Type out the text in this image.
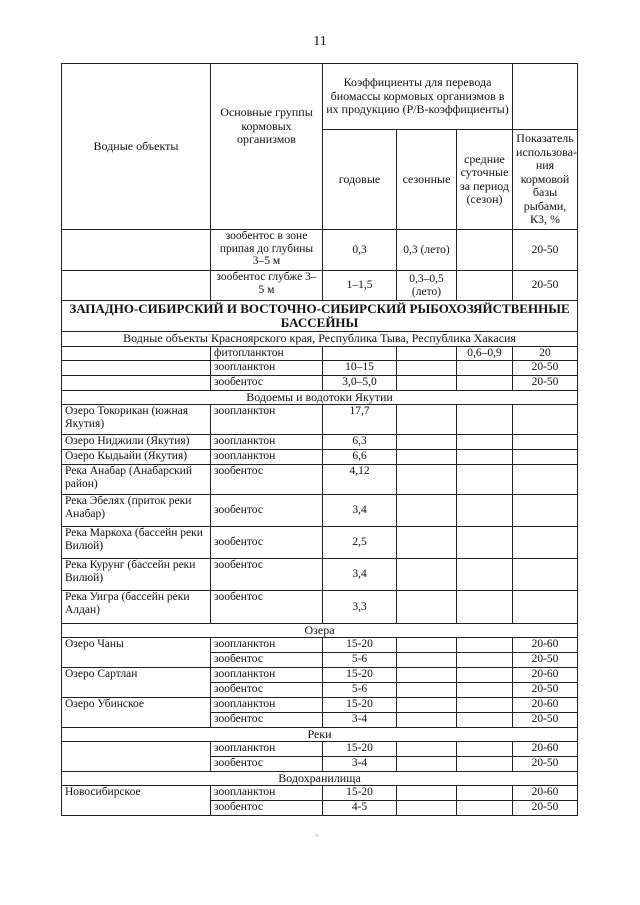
11
Водные объекты	Основные группы кормовых организмов	Коэффициенты для перевода биомассы кормовых организмов в их продукцию (P/B-коэффициенты)			
		годовые	сезонные	средние суточные за период (сезон)	Показатель использова-ния кормовой базы рыбами, К3, %
	зообентос в зоне припая до глубины 3–5 м	0,3	0,3 (лето)		20-50
	зообентос глубже 3–5 м	1–1,5	0,3–0,5 (лето)		20-50
ЗАПАДНО-СИБИРСКИЙ И ВОСТОЧНО-СИБИРСКИЙ РЫБОХОЗЯЙСТВЕННЫЕ БАССЕЙНЫ					
Водные объекты Красноярского края, Республика Тыва, Республика Хакасия					
	фитопланктон			0,6–0,9	20
	зоопланктон	10–15			20-50
	зообентос	3,0–5,0			20-50
Водоемы и водотоки Якутии					
Озеро Токорикан (южная Якутия)	зоопланктон	17,7			
Озеро Ниджили (Якутия)	зоопланктон	6,3			
Озеро Кыдьайи (Якутия)	зоопланктон	6,6			
Река Анабар (Анабарский район)	зообентос	4,12			
Река Эбелях (приток реки Анабар)	зообентос	3,4			
Река Маркоха (бассейн реки Вилюй)	зообентос	2,5			
Река Курунг (бассейн реки Вилюй)	зообентос	3,4			
Река Уигра (бассейн реки Алдан)	зообентос	3,3			
Озера					
Озеро Чаны	зоопланктон	15-20			20-60
	зообентос	5-6			20-50
Озеро Сартлан	зоопланктон	15-20			20-60
	зообентос	5-6			20-50
Озеро Убинское	зоопланктон	15-20			20-60
	зообентос	3-4			20-50
Реки					
	зоопланктон	15-20			20-60
	зообентос	3-4			20-50
Водохранилища					
Новосибирское	зоопланктон	15-20			20-60
	зообентос	4-5			20-50
ᵥ
